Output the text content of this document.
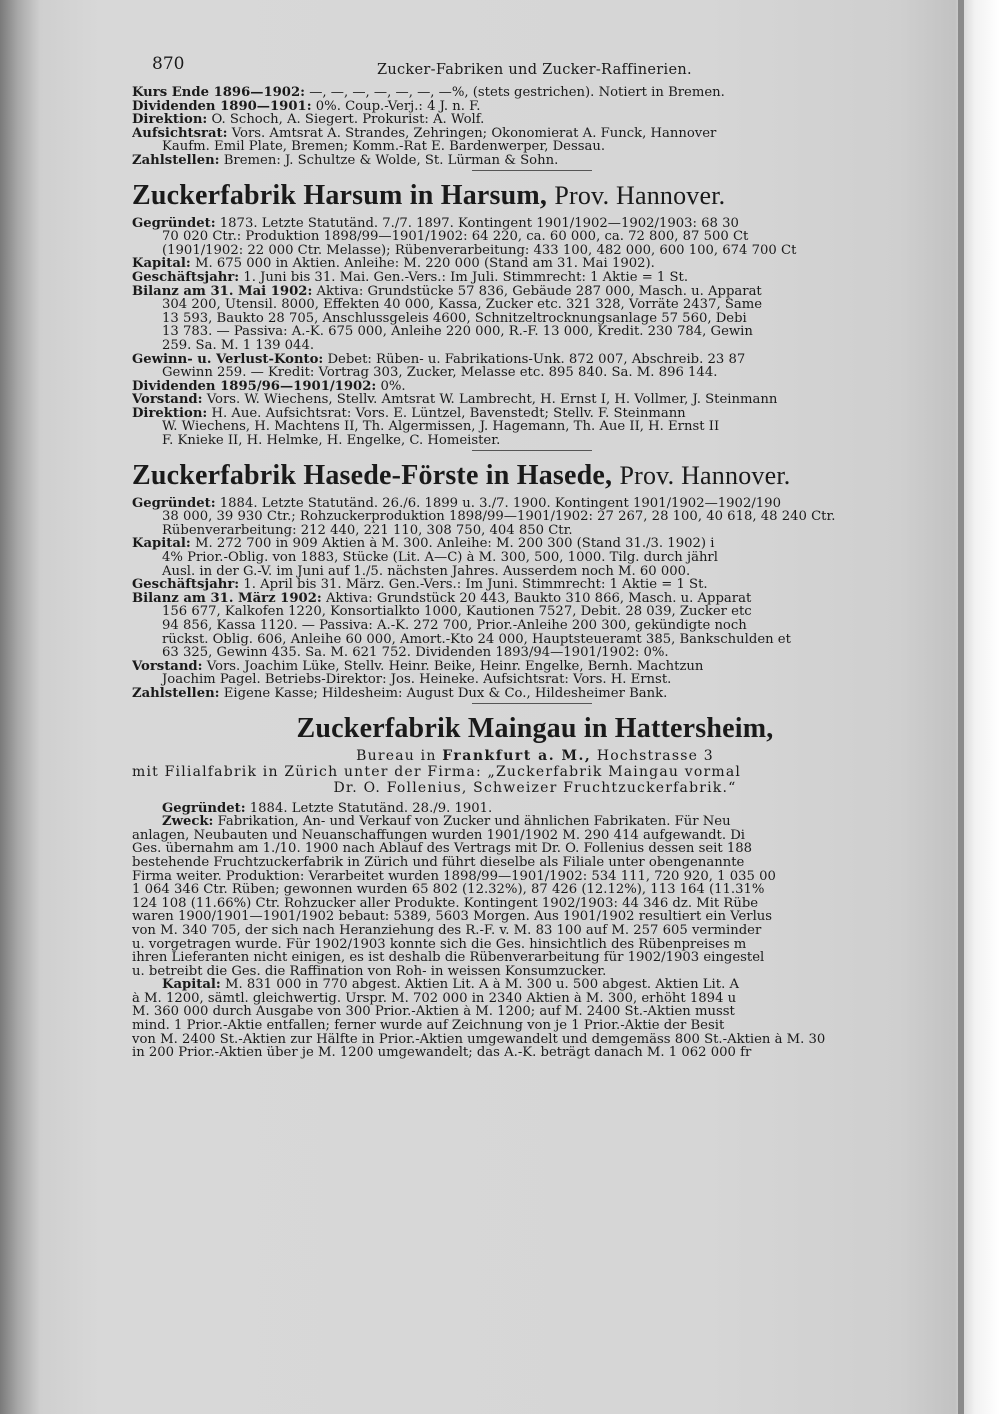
870	Zucker-Fabriken und Zucker-Raffinerien.
Kurs Ende 1896—1902: —, —, —, —, —, —, —%, (stets gestrichen). Notiert in Bremen.
Dividenden 1890—1901: 0%. Coup.-Verj.: 4 J. n. F.
Direktion: O. Schoch, A. Siegert. Prokurist: A. Wolf.
Aufsichtsrat: Vors. Amtsrat A. Strandes, Zehringen; Ökonomierat A. Funck, Hannover
Kaufm. Emil Plate, Bremen; Komm.-Rat E. Bardenwerper, Dessau.
Zahlstellen: Bremen: J. Schultze & Wolde, St. Lürman & Sohn.
Zuckerfabrik Harsum in Harsum, Prov. Hannover.
Gegründet: 1873. Letzte Statutänd. 7./7. 1897. Kontingent 1901/1902—1902/1903: 68 30
70 020 Ctr.: Produktion 1898/99—1901/1902: 64 220, ca. 60 000, ca. 72 800, 87 500 Ct
(1901/1902: 22 000 Ctr. Melasse); Rübenverarbeitung: 433 100, 482 000, 600 100, 674 700 Ct
Kapital: M. 675 000 in Aktien. Anleihe: M. 220 000 (Stand am 31. Mai 1902).
Geschäftsjahr: 1. Juni bis 31. Mai. Gen.-Vers.: Im Juli. Stimmrecht: 1 Aktie = 1 St.
Bilanz am 31. Mai 1902: Aktiva: Grundstücke 57 836, Gebäude 287 000, Masch. u. Apparat
304 200, Utensil. 8000, Effekten 40 000, Kassa, Zucker etc. 321 328, Vorräte 2437, Same
13 593, Baukto 28 705, Anschlussgeleis 4600, Schnitzeltrocknungsanlage 57 560, Debi
13 783. — Passiva: A.-K. 675 000, Anleihe 220 000, R.-F. 13 000, Kredit. 230 784, Gewin
259. Sa. M. 1 139 044.
Gewinn- u. Verlust-Konto: Debet: Rüben- u. Fabrikations-Unk. 872 007, Abschreib. 23 87
Gewinn 259. — Kredit: Vortrag 303, Zucker, Melasse etc. 895 840. Sa. M. 896 144.
Dividenden 1895/96—1901/1902: 0%.
Vorstand: Vors. W. Wiechens, Stellv. Amtsrat W. Lambrecht, H. Ernst I, H. Vollmer, J. Steinmann
Direktion: H. Aue. Aufsichtsrat: Vors. E. Lüntzel, Bavenstedt; Stellv. F. Steinmann
W. Wiechens, H. Machtens II, Th. Algermissen, J. Hagemann, Th. Aue II, H. Ernst II
F. Knieke II, H. Helmke, H. Engelke, C. Homeister.
Zuckerfabrik Hasede-Förste in Hasede, Prov. Hannover.
Gegründet: 1884. Letzte Statutänd. 26./6. 1899 u. 3./7. 1900. Kontingent 1901/1902—1902/190
38 000, 39 930 Ctr.; Rohzuckerproduktion 1898/99—1901/1902: 27 267, 28 100, 40 618, 48 240 Ctr.
Rübenverarbeitung: 212 440, 221 110, 308 750, 404 850 Ctr.
Kapital: M. 272 700 in 909 Aktien à M. 300. Anleihe: M. 200 300 (Stand 31./3. 1902) i
4% Prior.-Oblig. von 1883, Stücke (Lit. A—C) à M. 300, 500, 1000. Tilg. durch jährl
Ausl. in der G.-V. im Juni auf 1./5. nächsten Jahres. Ausserdem noch M. 60 000.
Geschäftsjahr: 1. April bis 31. März. Gen.-Vers.: Im Juni. Stimmrecht: 1 Aktie = 1 St.
Bilanz am 31. März 1902: Aktiva: Grundstück 20 443, Baukto 310 866, Masch. u. Apparat
156 677, Kalkofen 1220, Konsortialkto 1000, Kautionen 7527, Debit. 28 039, Zucker etc
94 856, Kassa 1120. — Passiva: A.-K. 272 700, Prior.-Anleihe 200 300, gekündigte noch
rückst. Oblig. 606, Anleihe 60 000, Amort.-Kto 24 000, Hauptsteueramt 385, Bankschulden et
63 325, Gewinn 435. Sa. M. 621 752. Dividenden 1893/94—1901/1902: 0%.
Vorstand: Vors. Joachim Lüke, Stellv. Heinr. Beike, Heinr. Engelke, Bernh. Machtzun
Joachim Pagel. Betriebs-Direktor: Jos. Heineke. Aufsichtsrat: Vors. H. Ernst.
Zahlstellen: Eigene Kasse; Hildesheim: August Dux & Co., Hildesheimer Bank.
Zuckerfabrik Maingau in Hattersheim,
Bureau in Frankfurt a. M., Hochstrasse 3
mit Filialfabrik in Zürich unter der Firma: „Zuckerfabrik Maingau vormal
Dr. O. Follenius, Schweizer Fruchtzuckerfabrik.“
Gegründet: 1884. Letzte Statutänd. 28./9. 1901.
Zweck: Fabrikation, An- und Verkauf von Zucker und ähnlichen Fabrikaten. Für Neu
anlagen, Neubauten und Neuanschaffungen wurden 1901/1902 M. 290 414 aufgewandt. Di
Ges. übernahm am 1./10. 1900 nach Ablauf des Vertrags mit Dr. O. Follenius dessen seit 188
bestehende Fruchtzuckerfabrik in Zürich und führt dieselbe als Filiale unter obengenannte
Firma weiter. Produktion: Verarbeitet wurden 1898/99—1901/1902: 534 111, 720 920, 1 035 00
1 064 346 Ctr. Rüben; gewonnen wurden 65 802 (12.32%), 87 426 (12.12%), 113 164 (11.31%
124 108 (11.66%) Ctr. Rohzucker aller Produkte. Kontingent 1902/1903: 44 346 dz. Mit Rübe
waren 1900/1901—1901/1902 bebaut: 5389, 5603 Morgen. Aus 1901/1902 resultiert ein Verlus
von M. 340 705, der sich nach Heranziehung des R.-F. v. M. 83 100 auf M. 257 605 verminder
u. vorgetragen wurde. Für 1902/1903 konnte sich die Ges. hinsichtlich des Rübenpreises m
ihren Lieferanten nicht einigen, es ist deshalb die Rübenverarbeitung für 1902/1903 eingestel
u. betreibt die Ges. die Raffination von Roh- in weissen Konsumzucker.
Kapital: M. 831 000 in 770 abgest. Aktien Lit. A à M. 300 u. 500 abgest. Aktien Lit. A
à M. 1200, sämtl. gleichwertig. Urspr. M. 702 000 in 2340 Aktien à M. 300, erhöht 1894 u
M. 360 000 durch Ausgabe von 300 Prior.-Aktien à M. 1200; auf M. 2400 St.-Aktien musst
mind. 1 Prior.-Aktie entfallen; ferner wurde auf Zeichnung von je 1 Prior.-Aktie der Besit
von M. 2400 St.-Aktien zur Hälfte in Prior.-Aktien umgewandelt und demgemäss 800 St.-Aktien à M. 30
in 200 Prior.-Aktien über je M. 1200 umgewandelt; das A.-K. beträgt danach M. 1 062 000 fr
